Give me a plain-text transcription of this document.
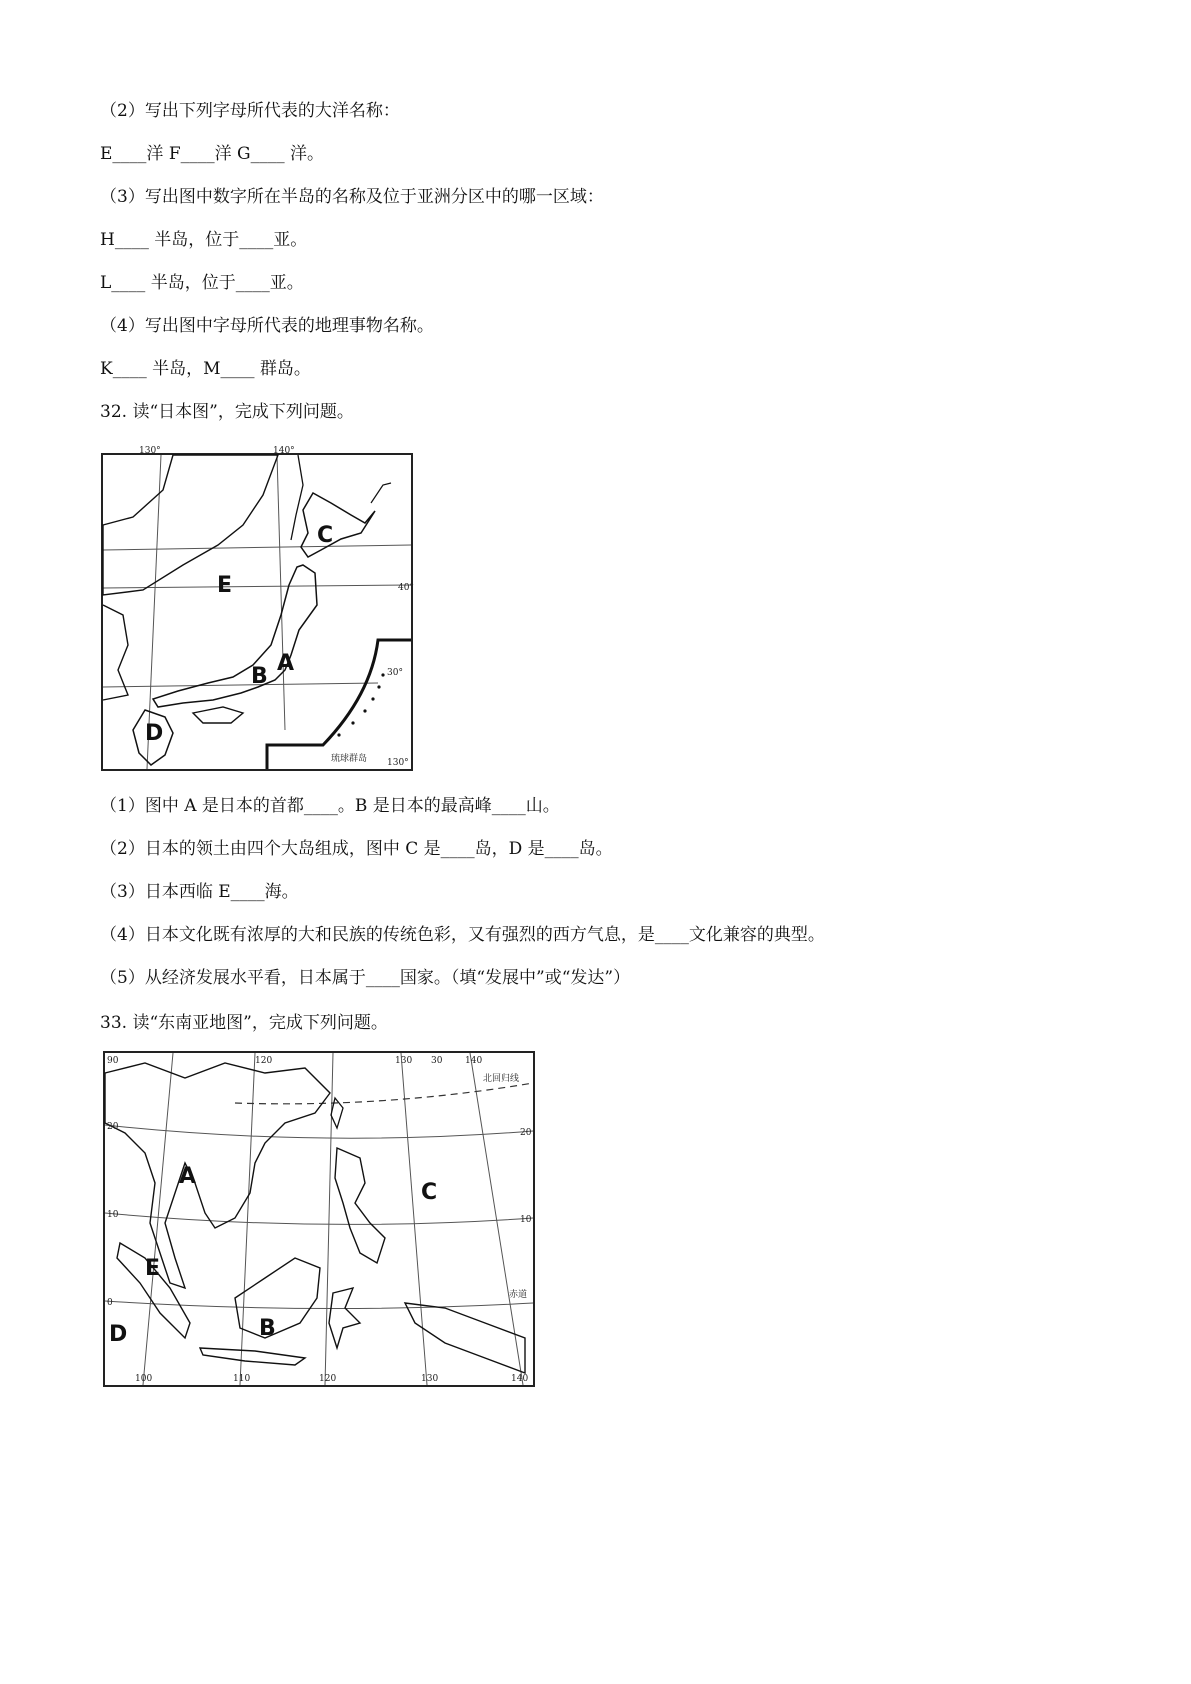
（2）写出下列字母所代表的大洋名称：
E____洋 F____洋 G____ 洋。
（3）写出图中数字所在半岛的名称及位于亚洲分区中的哪一区域：
H____ 半岛，位于____亚。
L____ 半岛，位于____亚。
（4）写出图中字母所代表的地理事物名称。
K____ 半岛，M____ 群岛。
32. 读“日本图”，完成下列问题。
130°	140°
40°
30°
130°
琉球群岛
A
B
C
D
E
（1）图中 A 是日本的首都____。B 是日本的最高峰____山。
（2）日本的领土由四个大岛组成，图中 C 是____岛，D 是____岛。
（3）日本西临 E____海。
（4）日本文化既有浓厚的大和民族的传统色彩，又有强烈的西方气息，是____文化兼容的典型。
（5）从经济发展水平看，日本属于____国家。（填“发展中”或“发达”）
33. 读“东南亚地图”，完成下列问题。
90	120	130 30	140
100	110	120	130	140
20
10
0
20
10
北回归线
赤道
A
B
C
D
E
